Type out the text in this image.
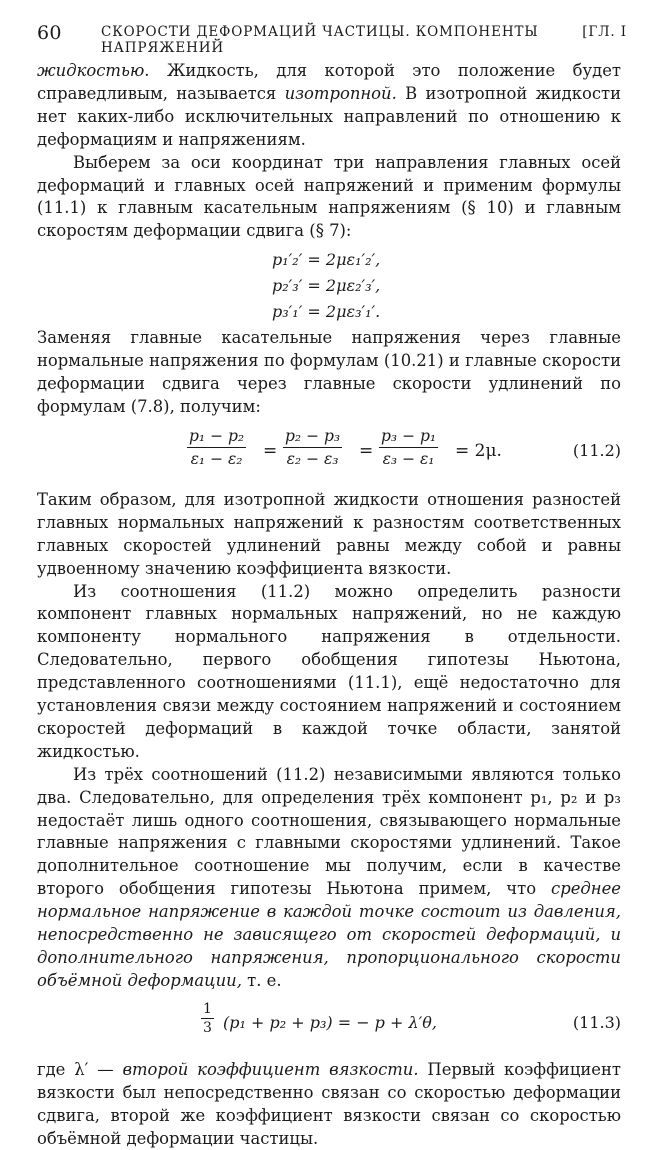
60	СКОРОСТИ ДЕФОРМАЦИЙ ЧАСТИЦЫ. КОМПОНЕНТЫ НАПРЯЖЕНИЙ
[ГЛ. I

жидкостью. Жидкость, для которой это положение будет справедливым, называется изотропной. В изотропной жидкости нет каких-либо исключительных направлений по отношению к деформациям и напряжениям.

Выберем за оси координат три направления главных осей деформаций и главных осей напряжений и применим формулы (11.1) к главным касательным напряжениям (§ 10) и главным скоростям деформации сдвига (§ 7):

p₁′₂′ = 2με₁′₂′,
p₂′₃′ = 2με₂′₃′,
p₃′₁′ = 2με₃′₁′.

Заменяя главные касательные напряжения через главные нормальные напряжения по формулам (10.21) и главные скорости деформации сдвига через главные скорости удлинений по формулам (7.8), получим:

$\frac{\text{p₁ − p₂}}{\text{ε₁ − ε₂}} = \frac{\text{p₂ − p₃}}{\text{ε₂ − ε₃}} = \frac{\text{p₃ − p₁}}{\text{ε₃ − ε₁}} = 2\mu$.	(11.2)

Таким образом, для изотропной жидкости отношения разностей главных нормальных напряжений к разностям соответственных главных скоростей удлинений равны между собой и равны удвоенному значению коэффициента вязкости.

Из соотношения (11.2) можно определить разности компонент главных нормальных напряжений, но не каждую компоненту нормального напряжения в отдельности. Следовательно, первого обобщения гипотезы Ньютона, представленного соотношениями (11.1), ещё недостаточно для установления связи между состоянием напряжений и состоянием скоростей деформаций в каждой точке области, занятой жидкостью.

Из трёх соотношений (11.2) независимыми являются только два. Следовательно, для определения трёх компонент p₁, p₂ и p₃ недостаёт лишь одного соотношения, связывающего нормальные главные напряжения с главными скоростями удлинений. Такое дополнительное соотношение мы получим, если в качестве второго обобщения гипотезы Ньютона примем, что среднее нормальное напряжение в каждой точке состоит из давления, непосредственно не зависящего от скоростей деформаций, и дополнительного напряжения, пропорционального скорости объёмной деформации, т. е.

$\frac{1}{3} (p_1 + p_2 + p_3)$ = − p + λ′θ,	(11.3)

где λ′ — второй коэффициент вязкости. Первый коэффициент вязкости был непосредственно связан со скоростью деформации сдвига, второй же коэффициент вязкости связан со скоростью объёмной деформации частицы.
